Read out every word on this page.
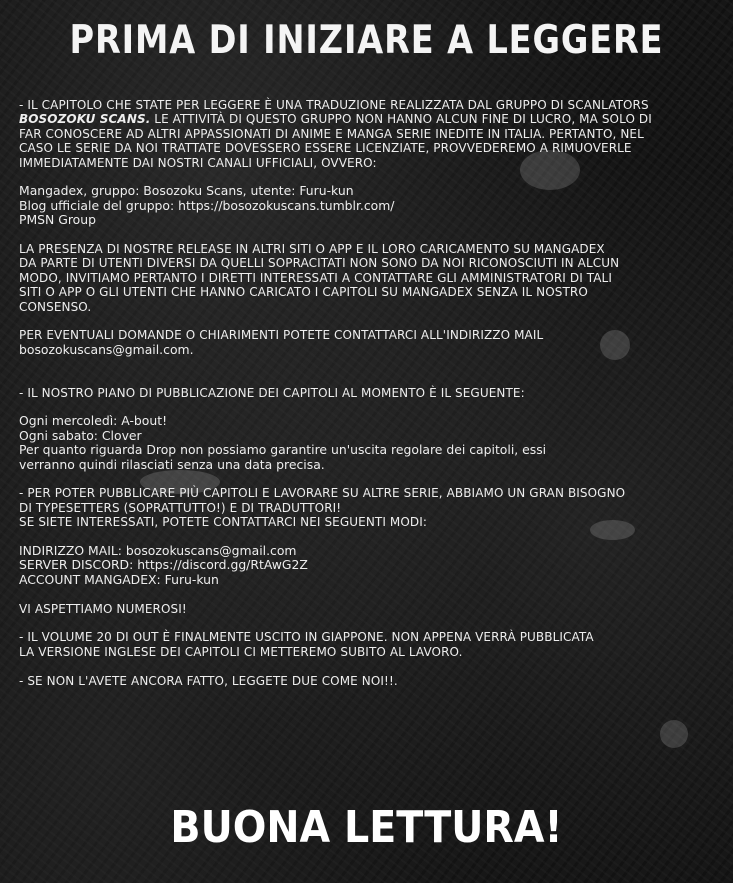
PRIMA DI INIZIARE A LEGGERE

- IL CAPITOLO CHE STATE PER LEGGERE È UNA TRADUZIONE REALIZZATA DAL GRUPPO DI SCANLATORS
BOSOZOKU SCANS. LE ATTIVITÀ DI QUESTO GRUPPO NON HANNO ALCUN FINE DI LUCRO, MA SOLO DI
FAR CONOSCERE AD ALTRI APPASSIONATI DI ANIME E MANGA SERIE INEDITE IN ITALIA. PERTANTO, NEL
CASO LE SERIE DA NOI TRATTATE DOVESSERO ESSERE LICENZIATE, PROVVEDEREMO A RIMUOVERLE
IMMEDIATAMENTE DAI NOSTRI CANALI UFFICIALI, OVVERO:

Mangadex, gruppo: Bosozoku Scans, utente: Furu-kun
Blog ufficiale del gruppo: https://bosozokuscans.tumblr.com/
PMSN Group

LA PRESENZA DI NOSTRE RELEASE IN ALTRI SITI O APP E IL LORO CARICAMENTO SU MANGADEX
DA PARTE DI UTENTI DIVERSI DA QUELLI SOPRACITATI NON SONO DA NOI RICONOSCIUTI IN ALCUN
MODO, INVITIAMO PERTANTO I DIRETTI INTERESSATI A CONTATTARE GLI AMMINISTRATORI DI TALI
SITI O APP O GLI UTENTI CHE HANNO CARICATO I CAPITOLI SU MANGADEX SENZA IL NOSTRO
CONSENSO.

PER EVENTUALI DOMANDE O CHIARIMENTI POTETE CONTATTARCI ALL'INDIRIZZO MAIL
bosozokuscans@gmail.com.

- IL NOSTRO PIANO DI PUBBLICAZIONE DEI CAPITOLI AL MOMENTO È IL SEGUENTE:

Ogni mercoledì: A-bout!
Ogni sabato: Clover
Per quanto riguarda Drop non possiamo garantire un'uscita regolare dei capitoli, essi
verranno quindi rilasciati senza una data precisa.

- PER POTER PUBBLICARE PIÙ CAPITOLI E LAVORARE SU ALTRE SERIE, ABBIAMO UN GRAN BISOGNO
DI TYPESETTERS (SOPRATTUTTO!) E DI TRADUTTORI!
SE SIETE INTERESSATI, POTETE CONTATTARCI NEI SEGUENTI MODI:

INDIRIZZO MAIL: bosozokuscans@gmail.com
SERVER DISCORD: https://discord.gg/RtAwG2Z
ACCOUNT MANGADEX: Furu-kun

VI ASPETTIAMO NUMEROSI!

- IL VOLUME 20 DI OUT È FINALMENTE USCITO IN GIAPPONE. NON APPENA VERRÀ PUBBLICATA
LA VERSIONE INGLESE DEI CAPITOLI CI METTEREMO SUBITO AL LAVORO.

- SE NON L'AVETE ANCORA FATTO, LEGGETE DUE COME NOI!!.

BUONA LETTURA!
